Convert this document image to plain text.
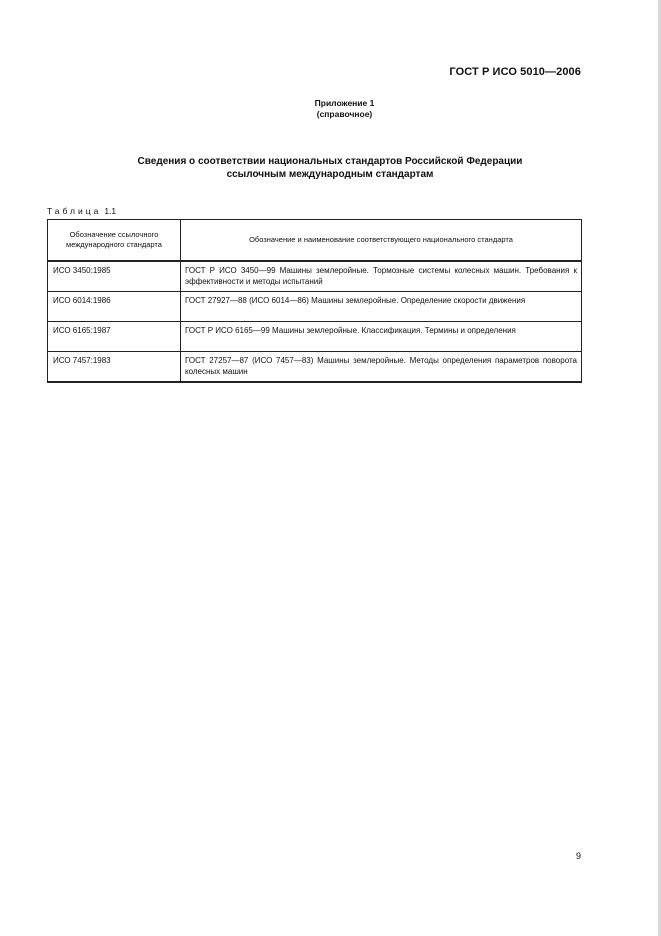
ГОСТ Р ИСО 5010—2006
Приложение 1
(справочное)
Сведения о соответствии национальных стандартов Российской Федерации
ссылочным международным стандартам
Таблица 1.1
Обозначение ссылочного международного стандарта	Обозначение и наименование соответствующего национального стандарта
ИСО 3450:1985	ГОСТ Р ИСО 3450—99 Машины землеройные. Тормозные системы колесных машин. Требования к эффективности и методы испытаний
ИСО 6014:1986	ГОСТ 27927—88 (ИСО 6014—86) Машины землеройные. Определение скорости движения
ИСО 6165:1987	ГОСТ Р ИСО 6165—99 Машины землеройные. Классификация. Термины и определения
ИСО 7457:1983	ГОСТ 27257—87 (ИСО 7457—83) Машины землеройные. Методы определения параметров поворота колесных машин
9
